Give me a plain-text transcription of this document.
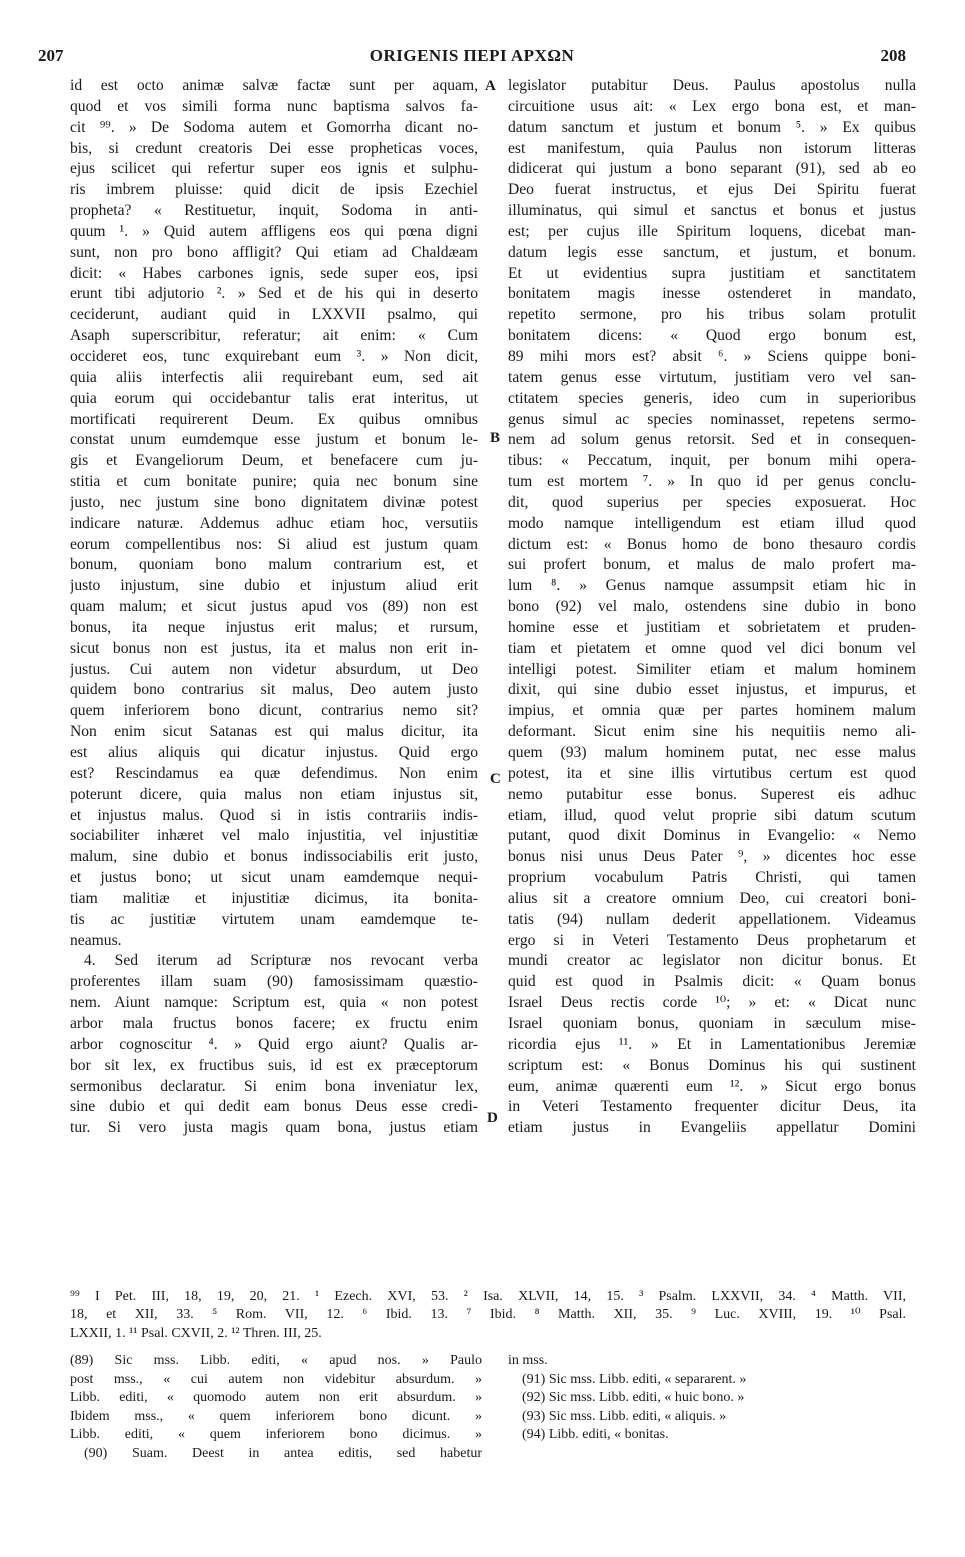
207	ORIGENIS ΠΕΡΙ ΑΡΧΩΝ	208
id est octo animæ salvæ factæ sunt per aquam,
quod et vos simili forma nunc baptisma salvos fa-
cit ⁹⁹. » De Sodoma autem et Gomorrha dicant no-
bis, si credunt creatoris Dei esse propheticas voces,
ejus scilicet qui refertur super eos ignis et sulphu-
ris imbrem pluisse: quid dicit de ipsis Ezechiel
propheta? « Restituetur, inquit, Sodoma in anti-
quum ¹. » Quid autem affligens eos qui pœna digni
sunt, non pro bono affligit? Qui etiam ad Chaldæam
dicit: « Habes carbones ignis, sede super eos, ipsi
erunt tibi adjutorio ². » Sed et de his qui in deserto
ceciderunt, audiant quid in LXXVII psalmo, qui
Asaph superscribitur, referatur; ait enim: « Cum
occideret eos, tunc exquirebant eum ³. » Non dicit,
quia aliis interfectis alii requirebant eum, sed ait
quia eorum qui occidebantur talis erat interitus, ut
mortificati requirerent Deum. Ex quibus omnibus
constat unum eumdemque esse justum et bonum le-
gis et Evangeliorum Deum, et benefacere cum ju-
stitia et cum bonitate punire; quia nec bonum sine
justo, nec justum sine bono dignitatem divinæ potest
indicare naturæ. Addemus adhuc etiam hoc, versutiis
eorum compellentibus nos: Si aliud est justum quam
bonum, quoniam bono malum contrarium est, et
justo injustum, sine dubio et injustum aliud erit
quam malum; et sicut justus apud vos (89) non est
bonus, ita neque injustus erit malus; et rursum,
sicut bonus non est justus, ita et malus non erit in-
justus. Cui autem non videtur absurdum, ut Deo
quidem bono contrarius sit malus, Deo autem justo
quem inferiorem bono dicunt, contrarius nemo sit?
Non enim sicut Satanas est qui malus dicitur, ita
est alius aliquis qui dicatur injustus. Quid ergo
est? Rescindamus ea quæ defendimus. Non enim
poterunt dicere, quia malus non etiam injustus sit,
et injustus malus. Quod si in istis contrariis indis-
sociabiliter inhæret vel malo injustitia, vel injustitiæ
malum, sine dubio et bonus indissociabilis erit justo,
et justus bono; ut sicut unam eamdemque nequi-
tiam malitiæ et injustitiæ dicimus, ita bonita-
tis ac justitiæ virtutem unam eamdemque te-
neamus.
4. Sed iterum ad Scripturæ nos revocant verba
proferentes illam suam (90) famosissimam quæstio-
nem. Aiunt namque: Scriptum est, quia « non potest
arbor mala fructus bonos facere; ex fructu enim
arbor cognoscitur ⁴. » Quid ergo aiunt? Qualis ar-
bor sit lex, ex fructibus suis, id est ex præceptorum
sermonibus declaratur. Si enim bona inveniatur lex,
sine dubio et qui dedit eam bonus Deus esse credi-
tur. Si vero justa magis quam bona, justus etiam
legislator putabitur Deus. Paulus apostolus nulla
circuitione usus ait: « Lex ergo bona est, et man-
datum sanctum et justum et bonum ⁵. » Ex quibus
est manifestum, quia Paulus non istorum litteras
didicerat qui justum a bono separant (91), sed ab eo
Deo fuerat instructus, et ejus Dei Spiritu fuerat
illuminatus, qui simul et sanctus et bonus et justus
est; per cujus ille Spiritum loquens, dicebat man-
datum legis esse sanctum, et justum, et bonum.
Et ut evidentius supra justitiam et sanctitatem
bonitatem magis inesse ostenderet in mandato,
repetito sermone, pro his tribus solam protulit
bonitatem dicens: « Quod ergo bonum est,
89 mihi mors est? absit ⁶. » Sciens quippe boni-
tatem genus esse virtutum, justitiam vero vel san-
ctitatem species generis, ideo cum in superioribus
genus simul ac species nominasset, repetens sermo-
nem ad solum genus retorsit. Sed et in consequen-
tibus: « Peccatum, inquit, per bonum mihi opera-
tum est mortem ⁷. » In quo id per genus conclu-
dit, quod superius per species exposuerat. Hoc
modo namque intelligendum est etiam illud quod
dictum est: « Bonus homo de bono thesauro cordis
sui profert bonum, et malus de malo profert ma-
lum ⁸. » Genus namque assumpsit etiam hic in
bono (92) vel malo, ostendens sine dubio in bono
homine esse et justitiam et sobrietatem et pruden-
tiam et pietatem et omne quod vel dici bonum vel
intelligi potest. Similiter etiam et malum hominem
dixit, qui sine dubio esset injustus, et impurus, et
impius, et omnia quæ per partes hominem malum
deformant. Sicut enim sine his nequitiis nemo ali-
quem (93) malum hominem putat, nec esse malus
potest, ita et sine illis virtutibus certum est quod
nemo putabitur esse bonus. Superest eis adhuc
etiam, illud, quod velut proprie sibi datum scutum
putant, quod dixit Dominus in Evangelio: « Nemo
bonus nisi unus Deus Pater ⁹, » dicentes hoc esse
proprium vocabulum Patris Christi, qui tamen
alius sit a creatore omnium Deo, cui creatori boni-
tatis (94) nullam dederit appellationem. Videamus
ergo si in Veteri Testamento Deus prophetarum et
mundi creator ac legislator non dicitur bonus. Et
quid est quod in Psalmis dicit: « Quam bonus
Israel Deus rectis corde ¹⁰; » et: « Dicat nunc
Israel quoniam bonus, quoniam in sæculum mise-
ricordia ejus ¹¹. » Et in Lamentationibus Jeremiæ
scriptum est: « Bonus Dominus his qui sustinent
eum, animæ quærenti eum ¹². » Sicut ergo bonus
in Veteri Testamento frequenter dicitur Deus, ita
etiam justus in Evangeliis appellatur Domini
A
B
C
D
⁹⁹ I Pet. III, 18, 19, 20, 21. ¹ Ezech. XVI, 53. ² Isa. XLVII, 14, 15. ³ Psalm. LXXVII, 34. ⁴ Matth. VII,
18, et XII, 33. ⁵ Rom. VII, 12. ⁶ Ibid. 13. ⁷ Ibid. ⁸ Matth. XII, 35. ⁹ Luc. XVIII, 19. ¹⁰ Psal.
LXXII, 1. ¹¹ Psal. CXVII, 2. ¹² Thren. III, 25.
(89) Sic mss. Libb. editi, « apud nos. » Paulo
post mss., « cui autem non videbitur absurdum. »
Libb. editi, « quomodo autem non erit absurdum. »
Ibidem mss., « quem inferiorem bono dicunt. »
Libb. editi, « quem inferiorem bono dicimus. »
(90) Suam. Deest in antea editis, sed habetur
in mss.
(91) Sic mss. Libb. editi, « separarent. »
(92) Sic mss. Libb. editi, « huic bono. »
(93) Sic mss. Libb. editi, « aliquis. »
(94) Libb. editi, « bonitas.
